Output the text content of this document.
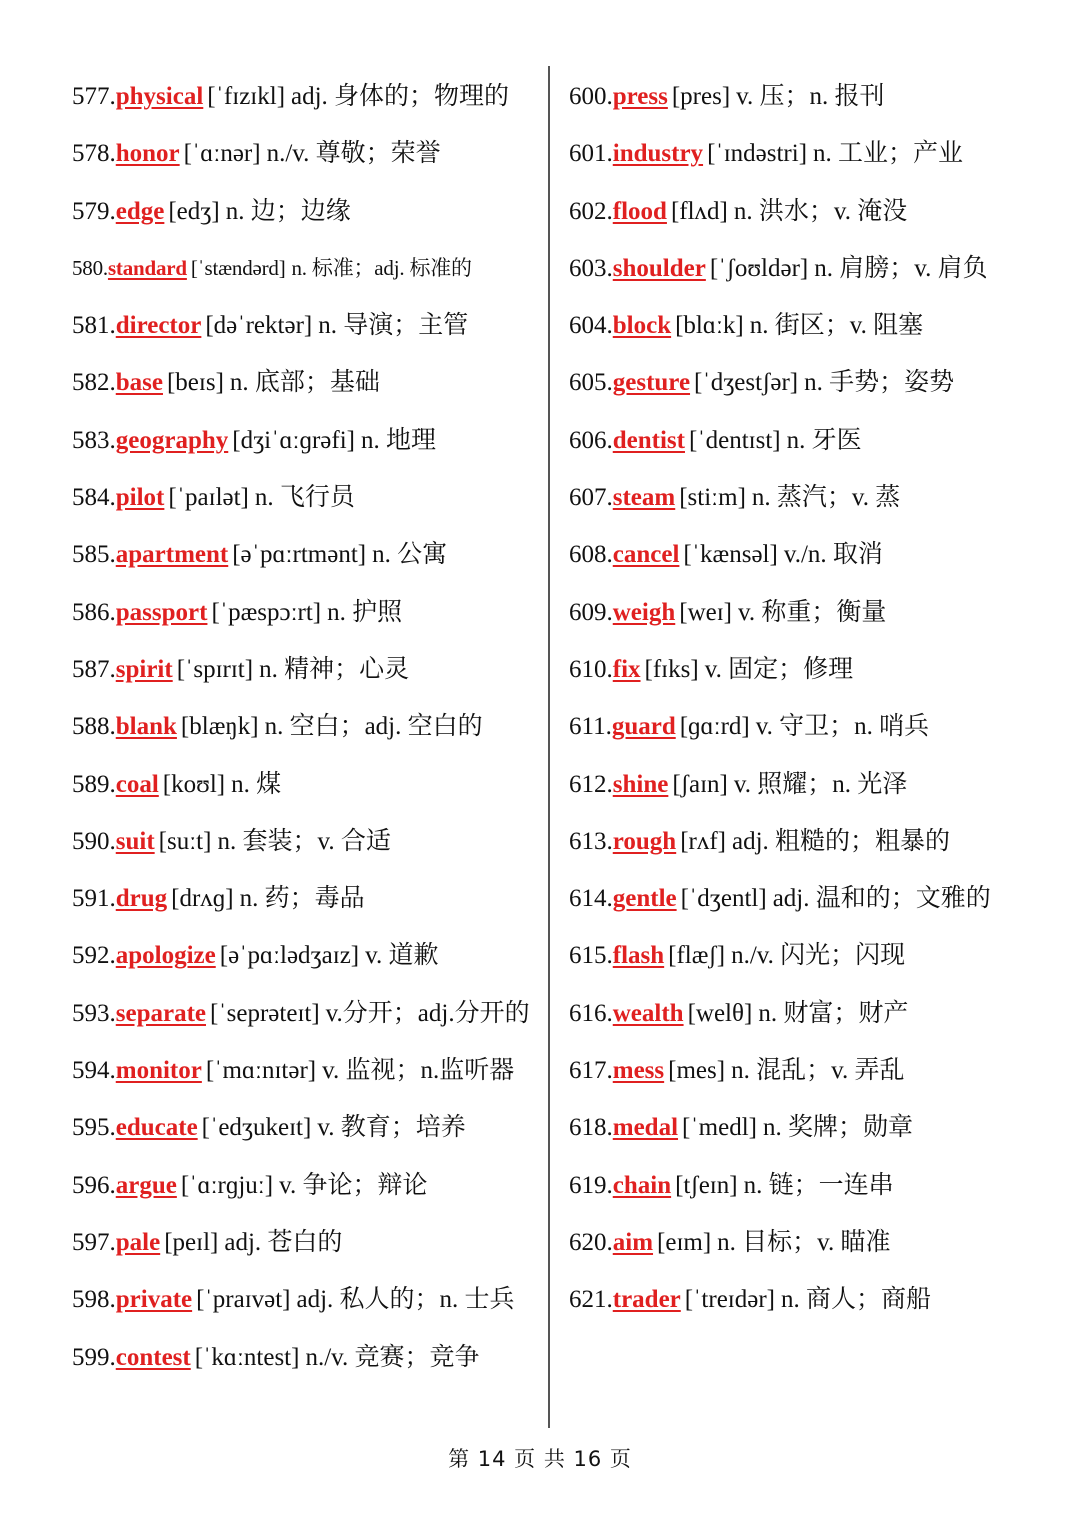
577.physical [ˈfɪzɪkl] adj. 身体的；物理的
578.honor [ˈɑːnər] n./v. 尊敬；荣誉
579.edge [edʒ] n. 边；边缘
580.standard [ˈstændərd] n. 标准；adj. 标准的
581.director [dəˈrektər] n. 导演；主管
582.base [beɪs] n. 底部；基础
583.geography [dʒiˈɑːɡrəfi] n. 地理
584.pilot [ˈpaɪlət] n. 飞行员
585.apartment [əˈpɑːrtmənt] n. 公寓
586.passport [ˈpæspɔːrt] n. 护照
587.spirit [ˈspɪrɪt] n. 精神；心灵
588.blank [blæŋk] n. 空白；adj. 空白的
589.coal [koʊl] n. 煤
590.suit [suːt] n. 套装；v. 合适
591.drug [drʌɡ] n. 药；毒品
592.apologize [əˈpɑːlədʒaɪz] v. 道歉
593.separate [ˈseprəteɪt] v.分开；adj.分开的
594.monitor [ˈmɑːnɪtər] v. 监视；n.监听器
595.educate [ˈedʒukeɪt] v. 教育；培养
596.argue [ˈɑːrɡjuː] v. 争论；辩论
597.pale [peɪl] adj. 苍白的
598.private [ˈpraɪvət] adj. 私人的；n. 士兵
599.contest [ˈkɑːntest] n./v. 竞赛；竞争
600.press [pres] v. 压；n. 报刊
601.industry [ˈɪndəstri] n. 工业；产业
602.flood [flʌd] n. 洪水；v. 淹没
603.shoulder [ˈʃoʊldər] n. 肩膀；v. 肩负
604.block [blɑːk] n. 街区；v. 阻塞
605.gesture [ˈdʒestʃər] n. 手势；姿势
606.dentist [ˈdentɪst] n. 牙医
607.steam [stiːm] n. 蒸汽；v. 蒸
608.cancel [ˈkænsəl] v./n. 取消
609.weigh [weɪ] v. 称重；衡量
610.fix [fɪks] v. 固定；修理
611.guard [ɡɑːrd] v. 守卫；n. 哨兵
612.shine [ʃaɪn] v. 照耀；n. 光泽
613.rough [rʌf] adj. 粗糙的；粗暴的
614.gentle [ˈdʒentl] adj. 温和的；文雅的
615.flash [flæʃ] n./v. 闪光；闪现
616.wealth [welθ] n. 财富；财产
617.mess [mes] n. 混乱；v. 弄乱
618.medal [ˈmedl] n. 奖牌；勋章
619.chain [tʃeɪn] n. 链；一连串
620.aim [eɪm] n. 目标；v. 瞄准
621.trader [ˈtreɪdər] n. 商人；商船
第 14 页 共 16 页
